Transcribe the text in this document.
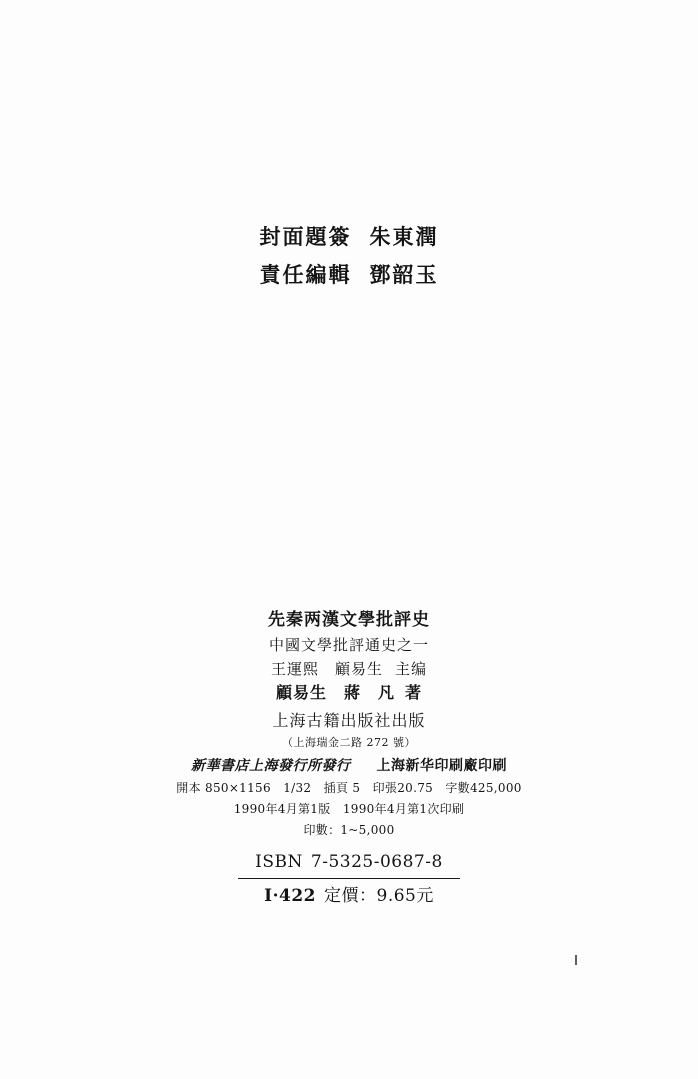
封面題簽 朱東潤
責任編輯 鄧韶玉
先秦两漢文學批評史
中國文學批評通史之一
王運熙　顧易生 主编
顧易生　蔣　凡 著
上海古籍出版社出版
（上海瑞金二路 272 號）
新華書店上海發行所發行 上海新华印刷廠印刷
開本 850×1156　1/32　插頁 5　印張20.75　字數425,000
1990年4月第1版　1990年4月第1次印刷
印數：1~5,000
ISBN 7-5325-0687-8
I·422 定價：9.65元
